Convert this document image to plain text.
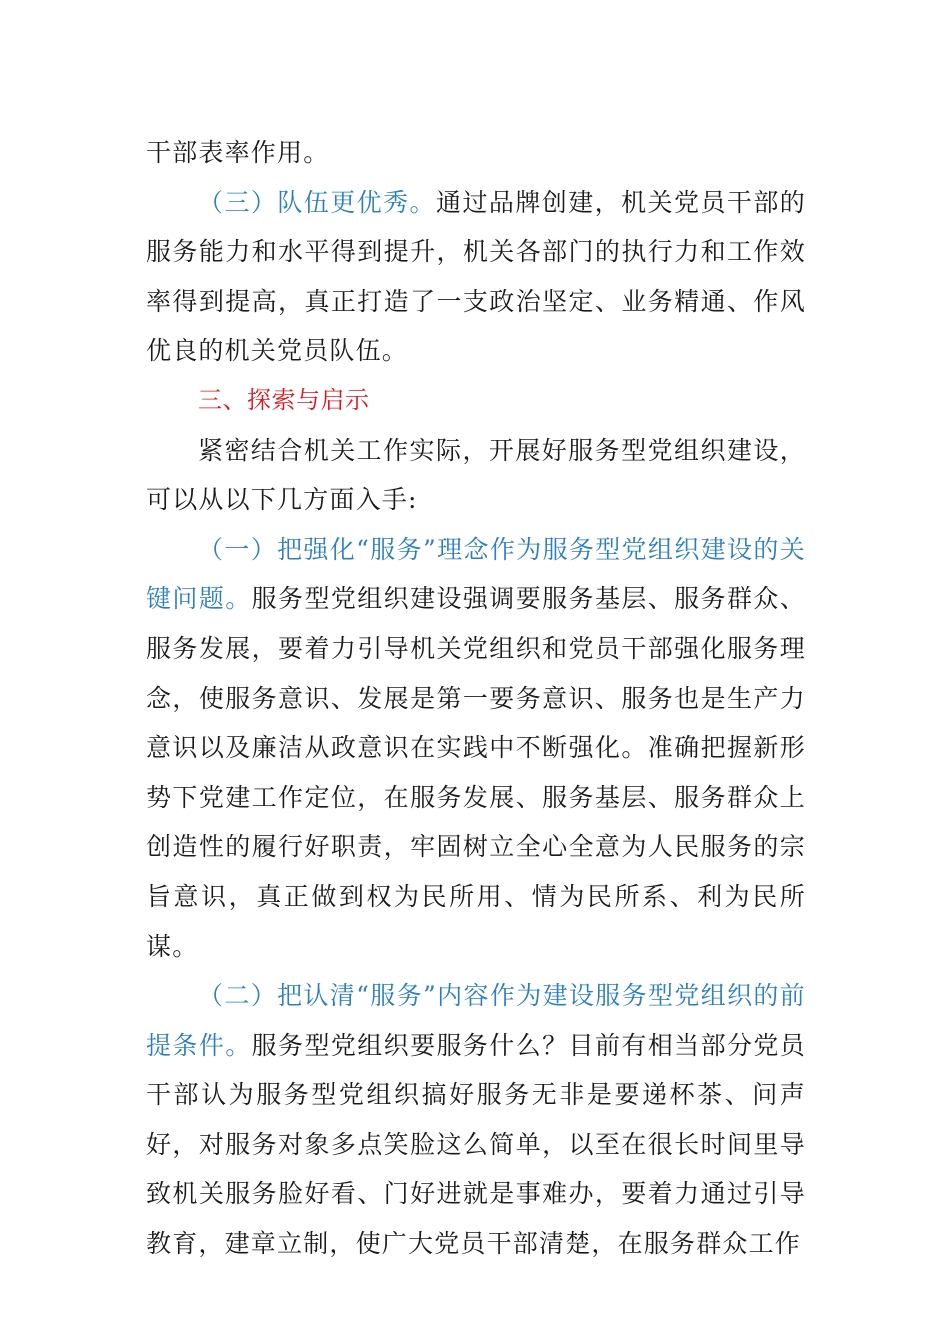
干部表率作用。

（三）队伍更优秀。通过品牌创建，机关党员干部的服务能力和水平得到提升，机关各部门的执行力和工作效率得到提高，真正打造了一支政治坚定、业务精通、作风优良的机关党员队伍。

三、探索与启示

紧密结合机关工作实际，开展好服务型党组织建设，可以从以下几方面入手:

（一）把强化“服务”理念作为服务型党组织建设的关键问题。服务型党组织建设强调要服务基层、服务群众、服务发展，要着力引导机关党组织和党员干部强化服务理念，使服务意识、发展是第一要务意识、服务也是生产力意识以及廉洁从政意识在实践中不断强化。准确把握新形势下党建工作定位，在服务发展、服务基层、服务群众上创造性的履行好职责，牢固树立全心全意为人民服务的宗旨意识，真正做到权为民所用、情为民所系、利为民所谋。

（二）把认清“服务”内容作为建设服务型党组织的前提条件。服务型党组织要服务什么？目前有相当部分党员干部认为服务型党组织搞好服务无非是要递杯茶、问声好，对服务对象多点笑脸这么简单，以至在很长时间里导致机关服务脸好看、门好进就是事难办，要着力通过引导教育，建章立制，使广大党员干部清楚，在服务群众工作
